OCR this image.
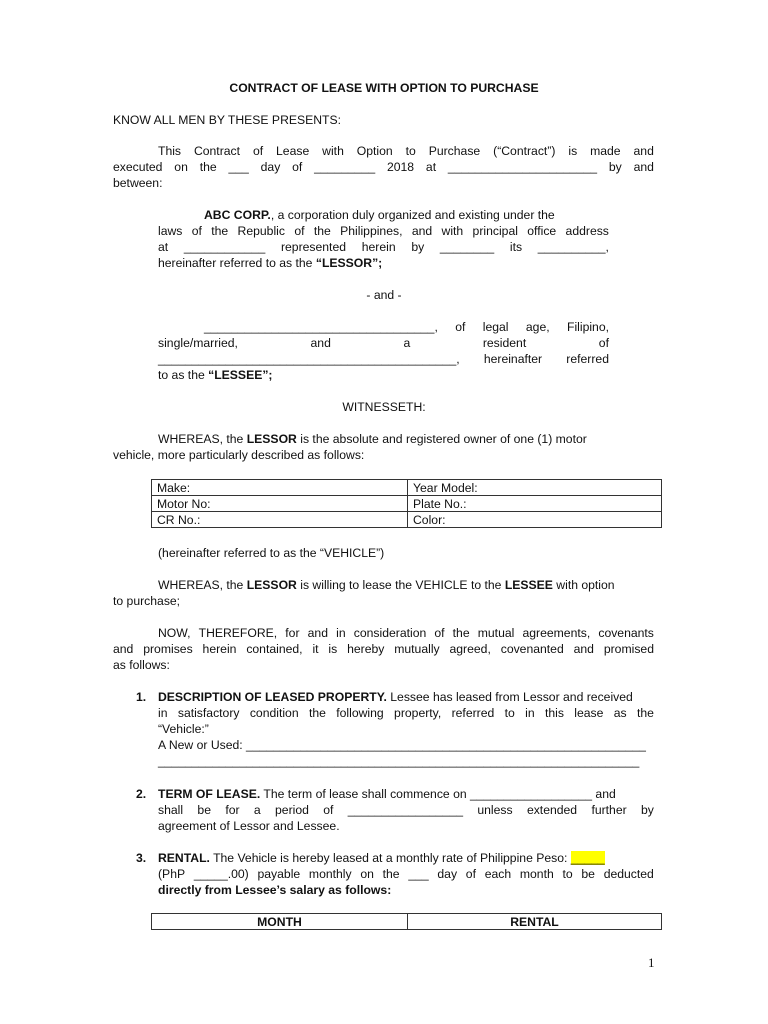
CONTRACT OF LEASE WITH OPTION TO PURCHASE
KNOW ALL MEN BY THESE PRESENTS:
This Contract of Lease with Option to Purchase (“Contract”) is made and
executed on the ___ day of _________ 2018 at ______________________ by and
between:
ABC CORP., a corporation duly organized and existing under the
laws of the Republic of the Philippines, and with principal office address
at ____________ represented herein by ________ its __________,
hereinafter referred to as the “LESSOR”;
- and -
__________________________________, of legal age, Filipino,
single/married,	and	a	resident	of
____________________________________________, hereinafter referred
to as the “LESSEE”;
WITNESSETH:
WHEREAS, the LESSOR is the absolute and registered owner of one (1) motor
vehicle, more particularly described as follows:
Make:	Year Model:
Motor No:	Plate No.:
CR No.:	Color:
(hereinafter referred to as the “VEHICLE”)
WHEREAS, the LESSOR is willing to lease the VEHICLE to the LESSEE with option
to purchase;
NOW, THEREFORE, for and in consideration of the mutual agreements, covenants
and promises herein contained, it is hereby mutually agreed, covenanted and promised
as follows:
1. DESCRIPTION OF LEASED PROPERTY. Lessee has leased from Lessor and received
in satisfactory condition the following property, referred to in this lease as the
“Vehicle:”
A New or Used: ___________________________________________________________
_______________________________________________________________________
2. TERM OF LEASE. The term of lease shall commence on __________________ and
shall be for a period of _________________ unless extended further by
agreement of Lessor and Lessee.
3. RENTAL. The Vehicle is hereby leased at a monthly rate of Philippine Peso: _____
(PhP _____.00) payable monthly on the ___ day of each month to be deducted
directly from Lessee’s salary as follows:
MONTH	RENTAL
1
